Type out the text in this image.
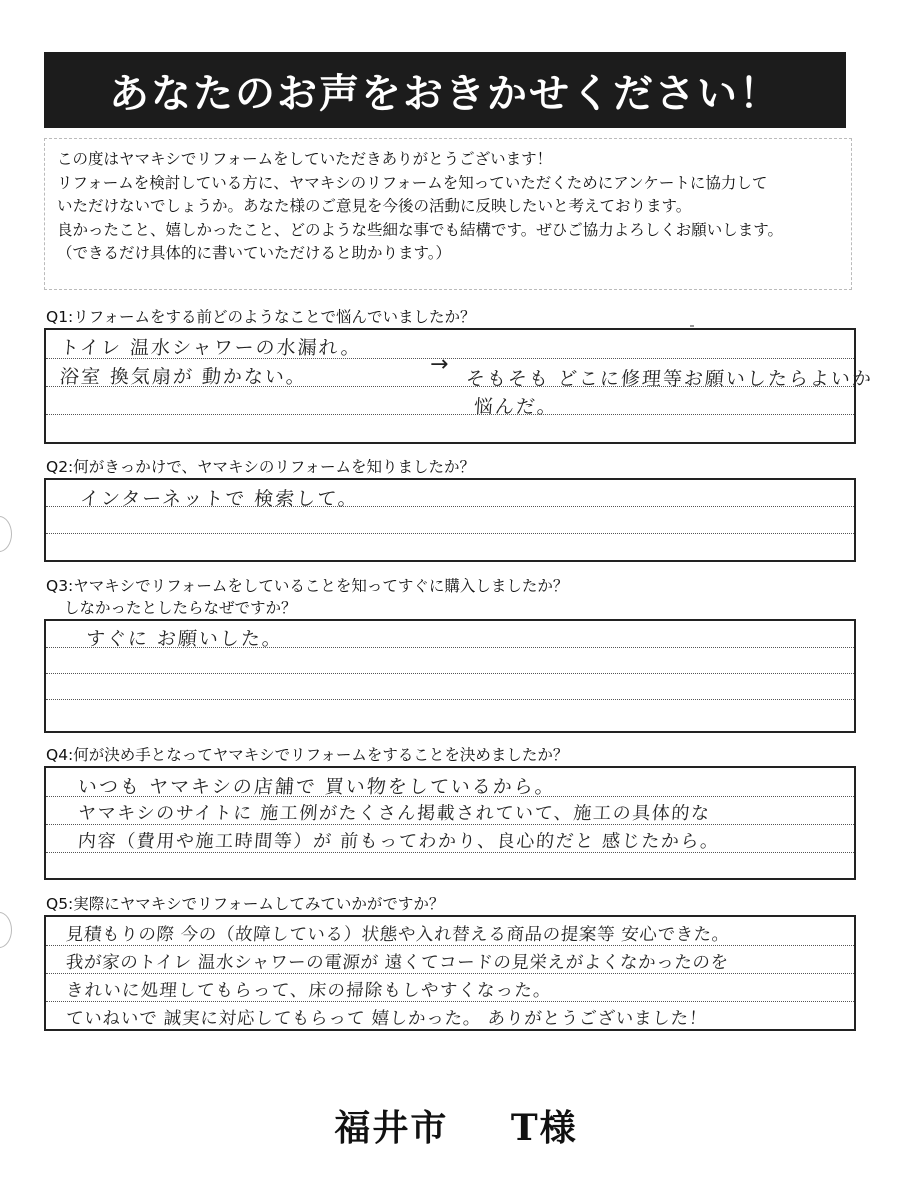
あなたのお声をおきかせください！

この度はヤマキシでリフォームをしていただきありがとうございます！

リフォームを検討している方に、ヤマキシのリフォームを知っていただくためにアンケートに協力して

いただけないでしょうか。あなた様のご意見を今後の活動に反映したいと考えております。

良かったこと、嬉しかったこと、どのような些細な事でも結構です。ぜひご協力よろしくお願いします。

（できるだけ具体的に書いていただけると助かります。）

Q1:リフォームをする前どのようなことで悩んでいましたか？
トイレ 温水シャワーの水漏れ。
浴室 換気扇が 動かない。	→
そもそも どこに修理等お願いしたらよいか
悩んだ。
Q2:何がきっかけで、ヤマキシのリフォームを知りましたか？
インターネットで 検索して。
Q3:ヤマキシでリフォームをしていることを知ってすぐに購入しましたか？
しなかったとしたらなぜですか？
すぐに お願いした。
Q4:何が決め手となってヤマキシでリフォームをすることを決めましたか？
いつも ヤマキシの店舗で 買い物をしているから。
ヤマキシのサイトに 施工例がたくさん掲載されていて、施工の具体的な
内容（費用や施工時間等）が 前もってわかり、良心的だと 感じたから。
Q5:実際にヤマキシでリフォームしてみていかがですか？
見積もりの際 今の（故障している）状態や入れ替える商品の提案等 安心できた。
我が家のトイレ 温水シャワーの電源が 遠くてコードの見栄えがよくなかったのを
きれいに処理してもらって、床の掃除もしやすくなった。
ていねいで 誠実に対応してもらって 嬉しかった。 ありがとうございました！
福井市 T様
